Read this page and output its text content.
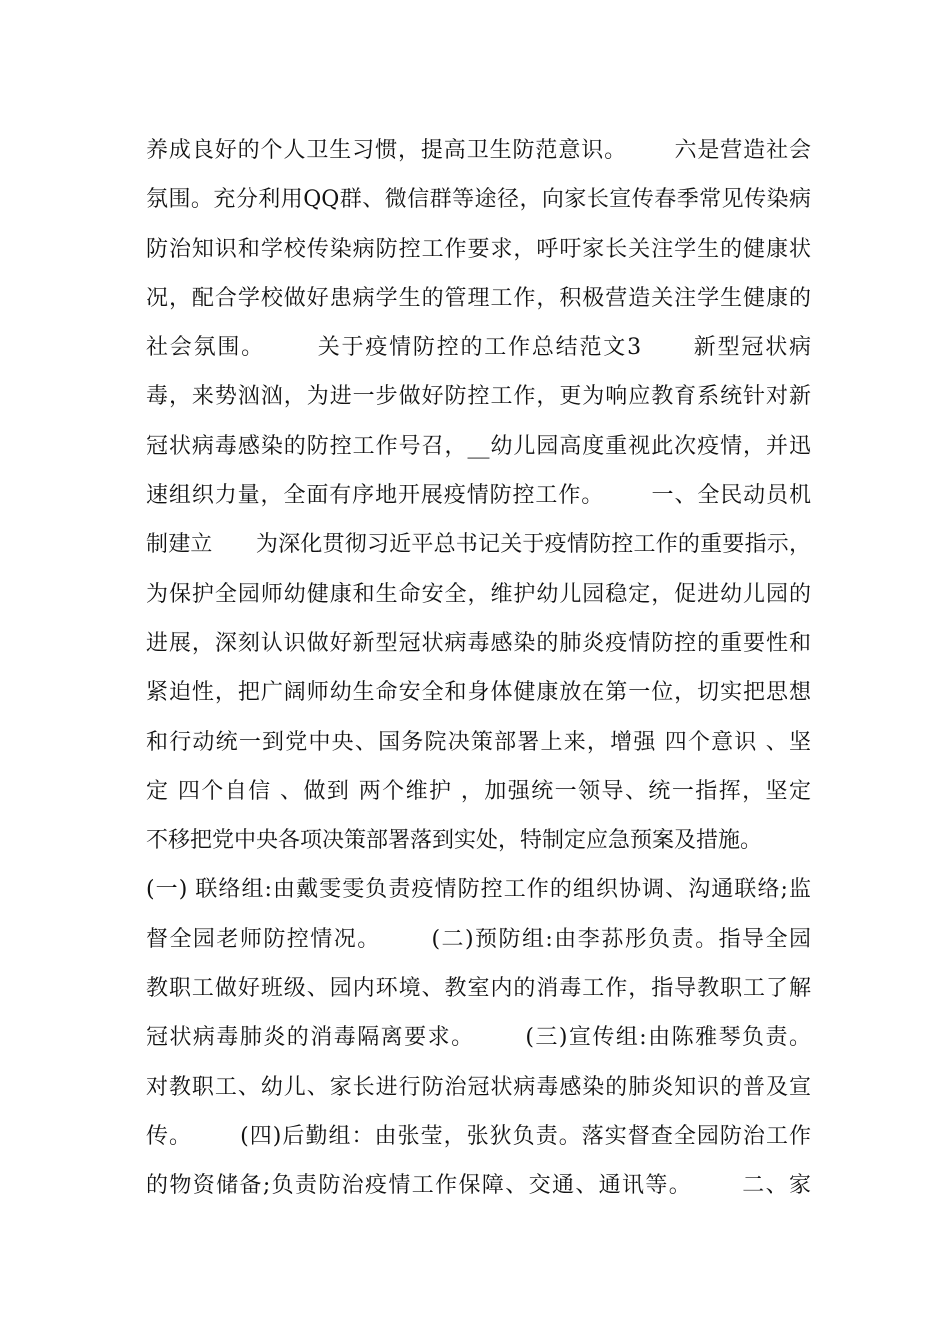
养成良好的个人卫生习惯，提高卫生防范意识。      六是营造社会
氛围。充分利用QQ群、微信群等途径，向家长宣传春季常见传染病
防治知识和学校传染病防控工作要求，呼吁家长关注学生的健康状
况，配合学校做好患病学生的管理工作，积极营造关注学生健康的
社会氛围。      关于疫情防控的工作总结范文3      新型冠状病
毒，来势汹汹，为进一步做好防控工作，更为响应教育系统针对新
冠状病毒感染的防控工作号召，__幼儿园高度重视此次疫情，并迅
速组织力量，全面有序地开展疫情防控工作。      一、全民动员机
制建立      为深化贯彻习近平总书记关于疫情防控工作的重要指示，
为保护全园师幼健康和生命安全，维护幼儿园稳定，促进幼儿园的
进展，深刻认识做好新型冠状病毒感染的肺炎疫情防控的重要性和
紧迫性，把广阔师幼生命安全和身体健康放在第一位，切实把思想
和行动统一到党中央、国务院决策部署上来，增强 四个意识 、坚
定 四个自信 、做到 两个维护 ，加强统一领导、统一指挥，坚定
不移把党中央各项决策部署落到实处，特制定应急预案及措施。
(一) 联络组:由戴雯雯负责疫情防控工作的组织协调、沟通联络;监
督全园老师防控情况。      (二)预防组:由李荪彤负责。指导全园
教职工做好班级、园内环境、教室内的消毒工作，指导教职工了解
冠状病毒肺炎的消毒隔离要求。      (三)宣传组:由陈雅琴负责。
对教职工、幼儿、家长进行防治冠状病毒感染的肺炎知识的普及宣
传。      (四)后勤组：由张莹，张狄负责。落实督查全园防治工作
的物资储备;负责防治疫情工作保障、交通、通讯等。      二、家
